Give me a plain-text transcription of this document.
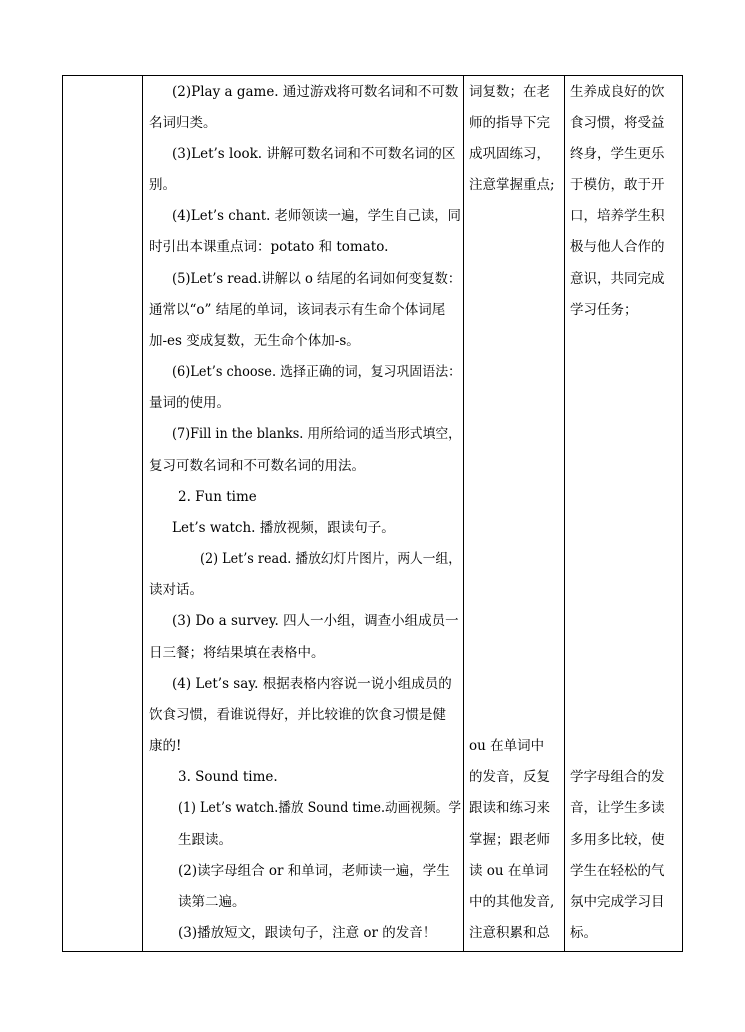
(2)Play a game. 通过游戏将可数名词和不可数
名词归类。
(3)Let’s look. 讲解可数名词和不可数名词的区
别。
(4)Let’s chant. 老师领读一遍，学生自己读，同
时引出本课重点词：potato 和 tomato.
(5)Let’s read.讲解以 o 结尾的名词如何变复数：
通常以“o” 结尾的单词，该词表示有生命个体词尾
加-es 变成复数，无生命个体加-s。
(6)Let’s choose. 选择正确的词，复习巩固语法：
量词的使用。
(7)Fill in the blanks. 用所给词的适当形式填空，
复习可数名词和不可数名词的用法。
2. Fun time
Let’s watch. 播放视频，跟读句子。
(2) Let’s read. 播放幻灯片图片，两人一组，
读对话。
(3) Do a survey. 四人一小组，调查小组成员一
日三餐；将结果填在表格中。
(4) Let’s say. 根据表格内容说一说小组成员的
饮食习惯，看谁说得好，并比较谁的饮食习惯是健
康的!
3. Sound time.
(1) Let’s watch.播放 Sound time.动画视频。学
生跟读。
(2)读字母组合 or 和单词，老师读一遍，学生
读第二遍。
(3)播放短文，跟读句子，注意 or 的发音！
词复数；在老
师的指导下完
成巩固练习，
注意掌握重点;
ou 在单词中
的发音，反复
跟读和练习来
掌握；跟老师
读 ou 在单词
中的其他发音,
注意积累和总
生养成良好的饮
食习惯，将受益
终身，学生更乐
于模仿，敢于开
口，培养学生积
极与他人合作的
意识，共同完成
学习任务；
学字母组合的发
音，让学生多读
多用多比较，使
学生在轻松的气
氛中完成学习目
标。
